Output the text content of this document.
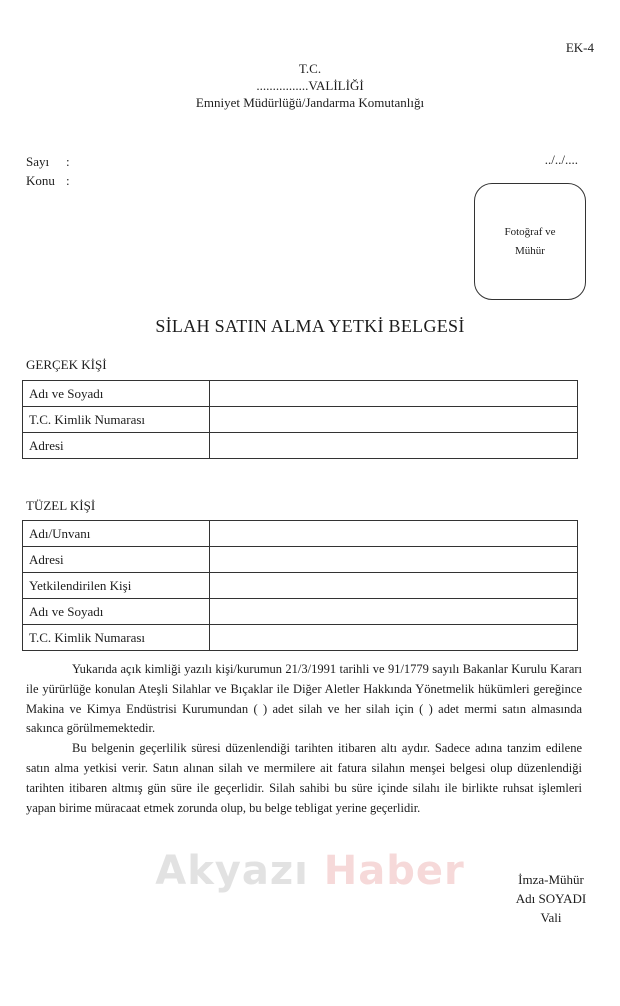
EK-4
T.C.
................VALİLİĞİ
Emniyet Müdürlüğü/Jandarma Komutanlığı
Sayı :
Konu :
../../....
Fotoğraf ve
Mühür
SİLAH SATIN ALMA YETKİ BELGESİ
GERÇEK KİŞİ
Adı ve Soyadı	
T.C. Kimlik Numarası	
Adresi	
TÜZEL KİŞİ
Adı/Unvanı	
Adresi	
Yetkilendirilen Kişi	
Adı ve Soyadı	
T.C. Kimlik Numarası	

Yukarıda açık kimliği yazılı kişi/kurumun 21/3/1991 tarihli ve 91/1779 sayılı Bakanlar Kurulu Kararı ile yürürlüğe konulan Ateşli Silahlar ve Bıçaklar ile Diğer Aletler Hakkında Yönetmelik hükümleri gereğince Makina ve Kimya Endüstrisi Kurumundan ( ) adet silah ve her silah için ( ) adet mermi satın almasında sakınca görülmemektedir.

Bu belgenin geçerlilik süresi düzenlendiği tarihten itibaren altı aydır. Sadece adına tanzim edilene satın alma yetkisi verir. Satın alınan silah ve mermilere ait fatura silahın menşei belgesi olup düzenlendiği tarihten itibaren altmış gün süre ile geçerlidir. Silah sahibi bu süre içinde silahı ile birlikte ruhsat işlemleri yapan birime müracaat etmek zorunda olup, bu belge tebligat yerine geçerlidir.

Akyazı Haber	İmza-Mühür
Adı SOYADI
Vali
